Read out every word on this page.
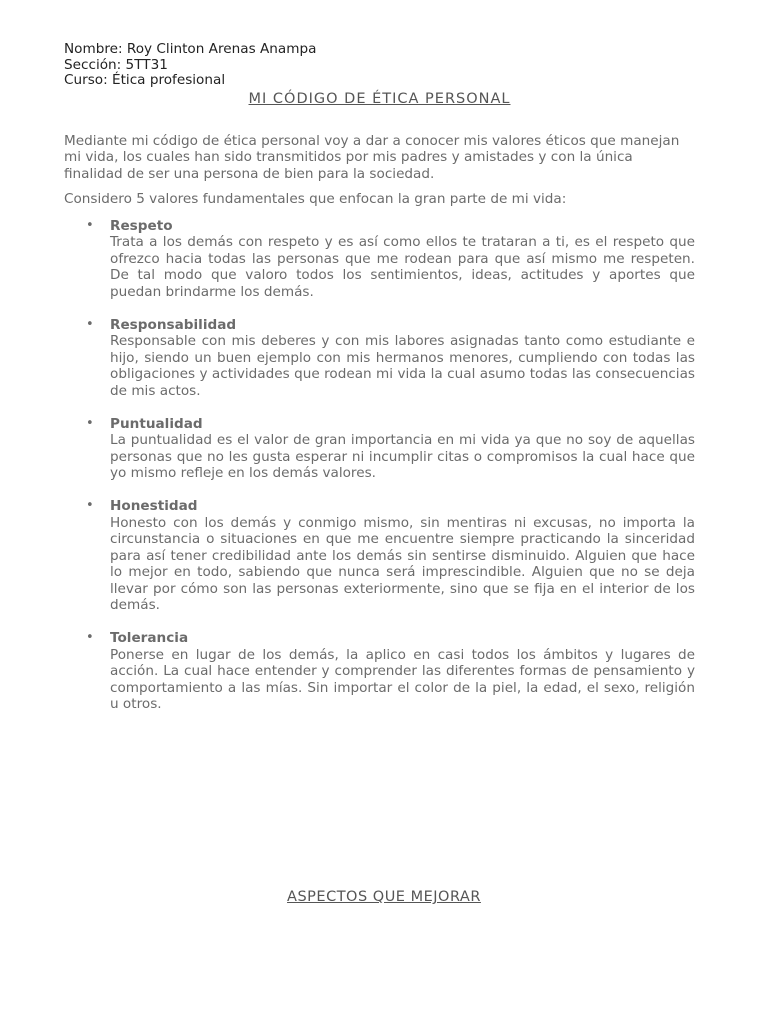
Nombre: Roy Clinton Arenas Anampa
Sección: 5TT31
Curso: Ética profesional
MI CÓDIGO DE ÉTICA PERSONAL

Mediante mi código de ética personal voy a dar a conocer mis valores éticos que manejan mi vida, los cuales han sido transmitidos por mis padres y amistades y con la única finalidad de ser una persona de bien para la sociedad.

Considero 5 valores fundamentales que enfocan la gran parte de mi vida:

• Respeto
Trata a los demás con respeto y es así como ellos te trataran a ti, es el respeto que ofrezco hacia todas las personas que me rodean para que así mismo me respeten. De tal modo que valoro todos los sentimientos, ideas, actitudes y aportes que puedan brindarme los demás.
• Responsabilidad
Responsable con mis deberes y con mis labores asignadas tanto como estudiante e hijo, siendo un buen ejemplo con mis hermanos menores, cumpliendo con todas las obligaciones y actividades que rodean mi vida la cual asumo todas las consecuencias de mis actos.
• Puntualidad
La puntualidad es el valor de gran importancia en mi vida ya que no soy de aquellas personas que no les gusta esperar ni incumplir citas o compromisos la cual hace que yo mismo refleje en los demás valores.
• Honestidad
Honesto con los demás y conmigo mismo, sin mentiras ni excusas, no importa la circunstancia o situaciones en que me encuentre siempre practicando la sinceridad para así tener credibilidad ante los demás sin sentirse disminuido. Alguien que hace lo mejor en todo, sabiendo que nunca será imprescindible. Alguien que no se deja llevar por cómo son las personas exteriormente, sino que se fija en el interior de los demás.
• Tolerancia
Ponerse en lugar de los demás, la aplico en casi todos los ámbitos y lugares de acción. La cual hace entender y comprender las diferentes formas de pensamiento y comportamiento a las mías. Sin importar el color de la piel, la edad, el sexo, religión u otros.
ASPECTOS QUE MEJORAR
